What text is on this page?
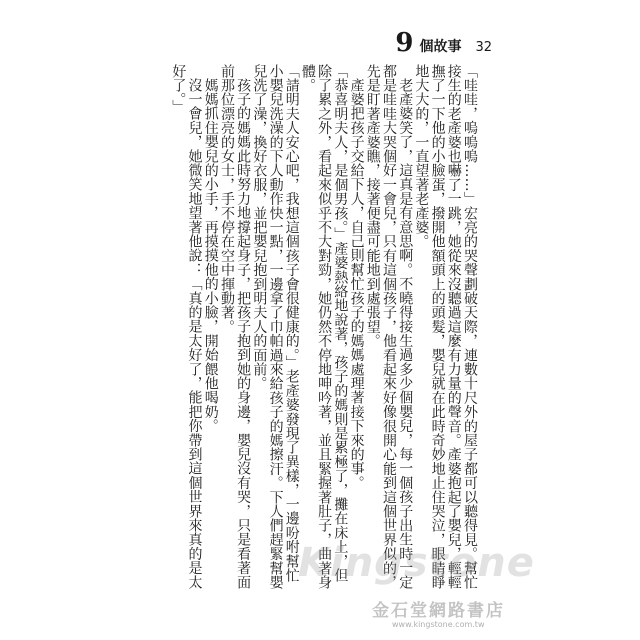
9 個故事 32

「哇哇，嗚嗚嗚……」宏亮的哭聲劃破天際，連數十尺外的屋子都可以聽得見。幫忙接生的老產婆也嚇了一跳，她從來沒聽過這麼有力量的聲音。產婆抱起了嬰兒，輕輕撫了一下他的小臉蛋，撥開他額頭上的頭髮，嬰兒就在此時奇妙地止住哭泣，眼睛睜地大大的，一直望著老產婆。

老產婆笑了，這真是有意思啊。不曉得接生過多少個嬰兒，每一個孩子出生時一定都是哇哇大哭個好一會兒，只有這個孩子，他看起來好像很開心能到這個世界似的，先是盯著產婆瞧，接著便盡可能地到處張望。

產婆把孩子交給下人，自己則幫忙孩子的媽媽處理著接下來的事。

「恭喜明夫人，是個男孩。」產婆熱絡地說著，孩子的媽則是累極了，攤在床上，但除了累之外，看起來似乎不大對勁，她仍然不停地呻吟著，並且緊握著肚子，曲著身體。

「請明夫人安心吧，我想這個孩子會很健康的。」老產婆發現了異樣，一邊吩咐幫忙小嬰兒洗澡的下人動作快一點，一邊拿了巾帕過來給孩子的媽擦汗。下人們趕緊幫嬰兒洗了澡，換好衣服，並把嬰兒抱到明夫人的面前。

孩子的媽媽此時努力地撐起身子，把孩子抱到她的身邊，嬰兒沒有哭，只是看著面前那位漂亮的女士，手不停在空中揮動著。

媽媽抓住嬰兒的小手，再摸摸他的小臉，開始餵他喝奶。

沒一會兒，她微笑地望著他說：「真的是太好了，能把你帶到這個世界來真的是太好了。」

Kingstone
金石堂網路書店
www.kingstone.com.tw
